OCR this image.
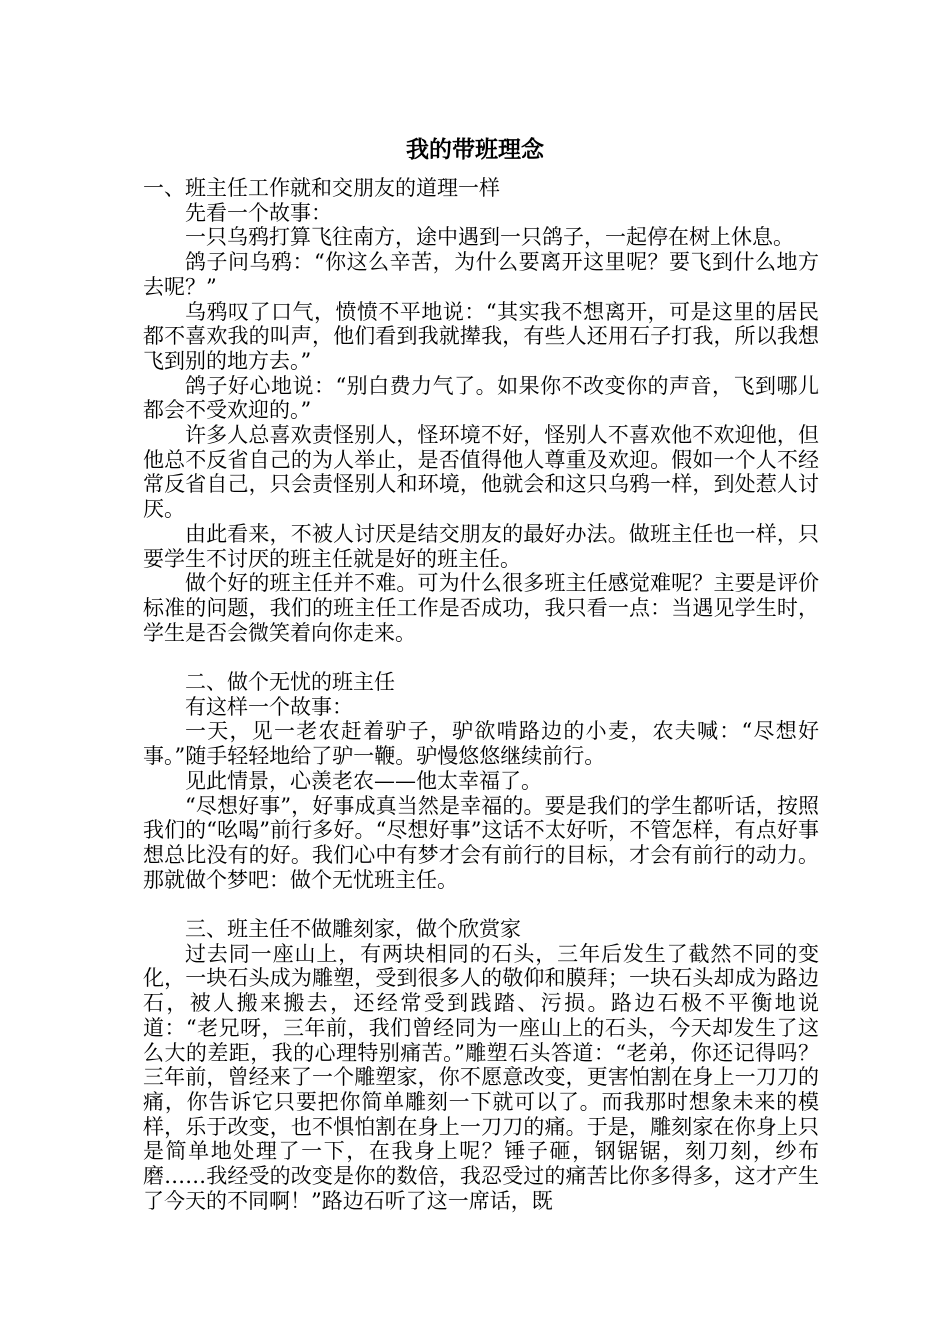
我的带班理念

一、班主任工作就和交朋友的道理一样

先看一个故事：

一只乌鸦打算飞往南方，途中遇到一只鸽子，一起停在树上休息。

鸽子问乌鸦：“你这么辛苦，为什么要离开这里呢？要飞到什么地方去呢？”

乌鸦叹了口气，愤愤不平地说：“其实我不想离开，可是这里的居民都不喜欢我的叫声，他们看到我就撵我，有些人还用石子打我，所以我想飞到别的地方去。”

鸽子好心地说：“别白费力气了。如果你不改变你的声音，飞到哪儿都会不受欢迎的。”

许多人总喜欢责怪别人，怪环境不好，怪别人不喜欢他不欢迎他，但他总不反省自己的为人举止，是否值得他人尊重及欢迎。假如一个人不经常反省自己，只会责怪别人和环境，他就会和这只乌鸦一样，到处惹人讨厌。

由此看来，不被人讨厌是结交朋友的最好办法。做班主任也一样，只要学生不讨厌的班主任就是好的班主任。

做个好的班主任并不难。可为什么很多班主任感觉难呢？主要是评价标准的问题，我们的班主任工作是否成功，我只看一点：当遇见学生时，学生是否会微笑着向你走来。

二、做个无忧的班主任

有这样一个故事：

一天，见一老农赶着驴子，驴欲啃路边的小麦，农夫喊：“尽想好事。”随手轻轻地给了驴一鞭。驴慢悠悠继续前行。

见此情景，心羡老农——他太幸福了。

“尽想好事”，好事成真当然是幸福的。要是我们的学生都听话，按照我们的“吆喝”前行多好。“尽想好事”这话不太好听，不管怎样，有点好事想总比没有的好。我们心中有梦才会有前行的目标，才会有前行的动力。那就做个梦吧：做个无忧班主任。

三、班主任不做雕刻家，做个欣赏家

过去同一座山上，有两块相同的石头，三年后发生了截然不同的变化，一块石头成为雕塑，受到很多人的敬仰和膜拜；一块石头却成为路边石，被人搬来搬去，还经常受到践踏、污损。路边石极不平衡地说道：“老兄呀，三年前，我们曾经同为一座山上的石头，今天却发生了这么大的差距，我的心理特别痛苦。”雕塑石头答道：“老弟，你还记得吗？三年前，曾经来了一个雕塑家，你不愿意改变，更害怕割在身上一刀刀的痛，你告诉它只要把你简单雕刻一下就可以了。而我那时想象未来的模样，乐于改变，也不惧怕割在身上一刀刀的痛。于是，雕刻家在你身上只是简单地处理了一下，在我身上呢？锤子砸，钢锯锯，刻刀刻，纱布磨……我经受的改变是你的数倍，我忍受过的痛苦比你多得多，这才产生了今天的不同啊！”路边石听了这一席话，既
